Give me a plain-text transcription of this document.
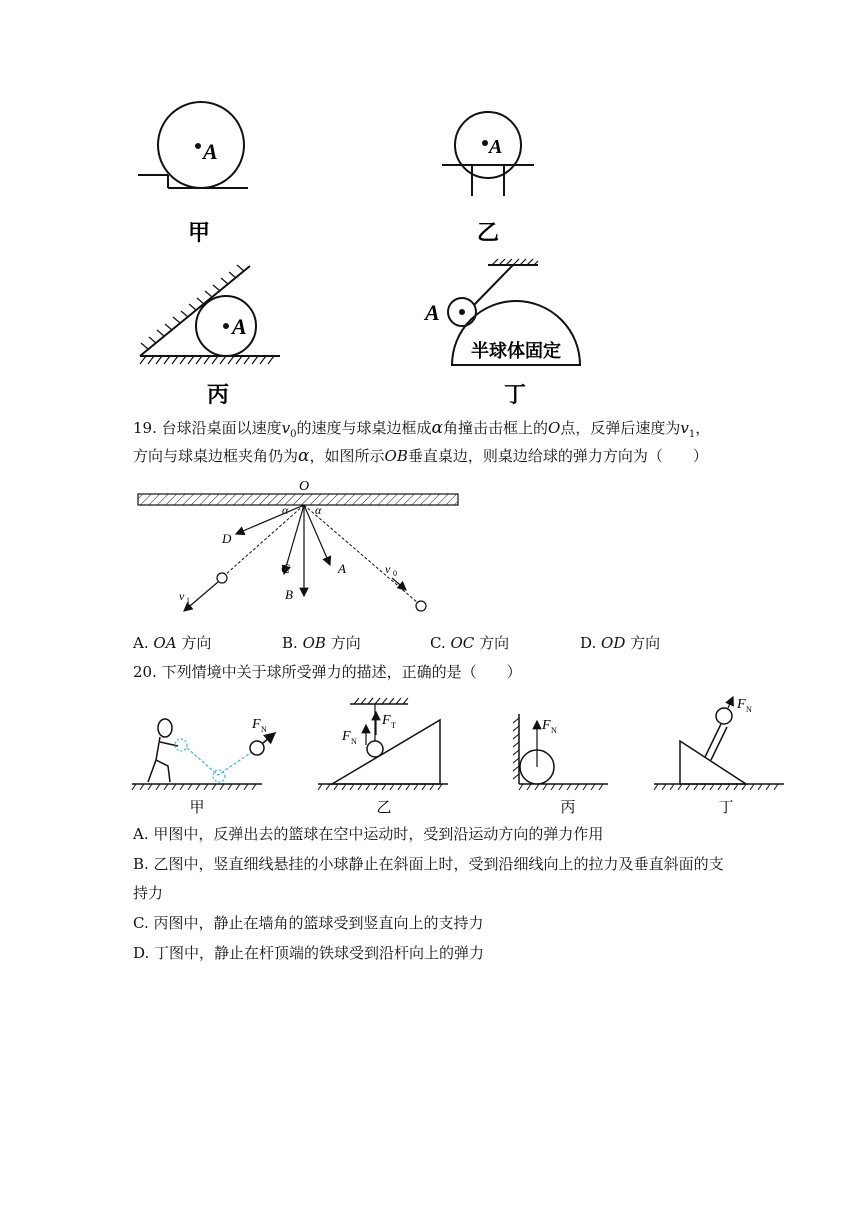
A	A
A
A
半球体固定
甲	乙
丙	丁
19. 台球沿桌面以速度$v_0$的速度与球桌边框成α角撞击击框上的O点，反弹后速度为$v_1$，
方向与球桌边框夹角仍为α，如图所示OB垂直桌边，则桌边给球的弹力方向为（　　）
O
α α
D
C
B
A	v 0
v 1
A. OA 方向	B. OB 方向	C. OC 方向	D. OD 方向
20. 下列情境中关于球所受弹力的描述，正确的是（　　）
F N
甲
F N
F T
乙
F N
丙
F N
丁
A. 甲图中，反弹出去的篮球在空中运动时，受到沿运动方向的弹力作用
B. 乙图中，竖直细线悬挂的小球静止在斜面上时，受到沿细线向上的拉力及垂直斜面的支
持力
C. 丙图中，静止在墙角的篮球受到竖直向上的支持力
D. 丁图中，静止在杆顶端的铁球受到沿杆向上的弹力
